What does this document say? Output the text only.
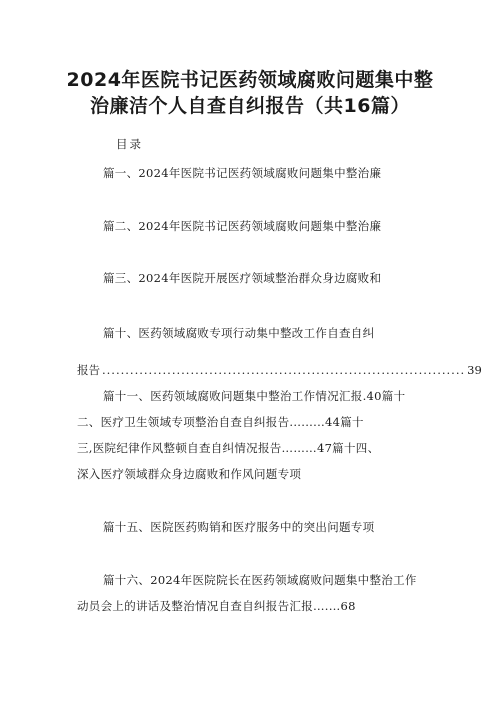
2024年医院书记医药领域腐败问题集中整
治廉洁个人自查自纠报告（共16篇）
目录
篇一、2024年医院书记医药领域腐败问题集中整治廉
篇二、2024年医院书记医药领域腐败问题集中整治廉
篇三、2024年医院开展医疗领域整治群众身边腐败和
篇十、医药领域腐败专项行动集中整改工作自查自纠
报告 .............................................................................. 39
篇十一、医药领域腐败问题集中整治工作情况汇报.40篇十
二、医疗卫生领域专项整治自查自纠报告.........44篇十
三,医院纪律作风整顿自查自纠情况报告………47篇十四、
深入医疗领域群众身边腐败和作风问题专项
篇十五、医院医药购销和医疗服务中的突出问题专项
篇十六、2024年医院院长在医药领域腐败问题集中整治工作
动员会上的讲话及整治情况自查自纠报告汇报….…68
